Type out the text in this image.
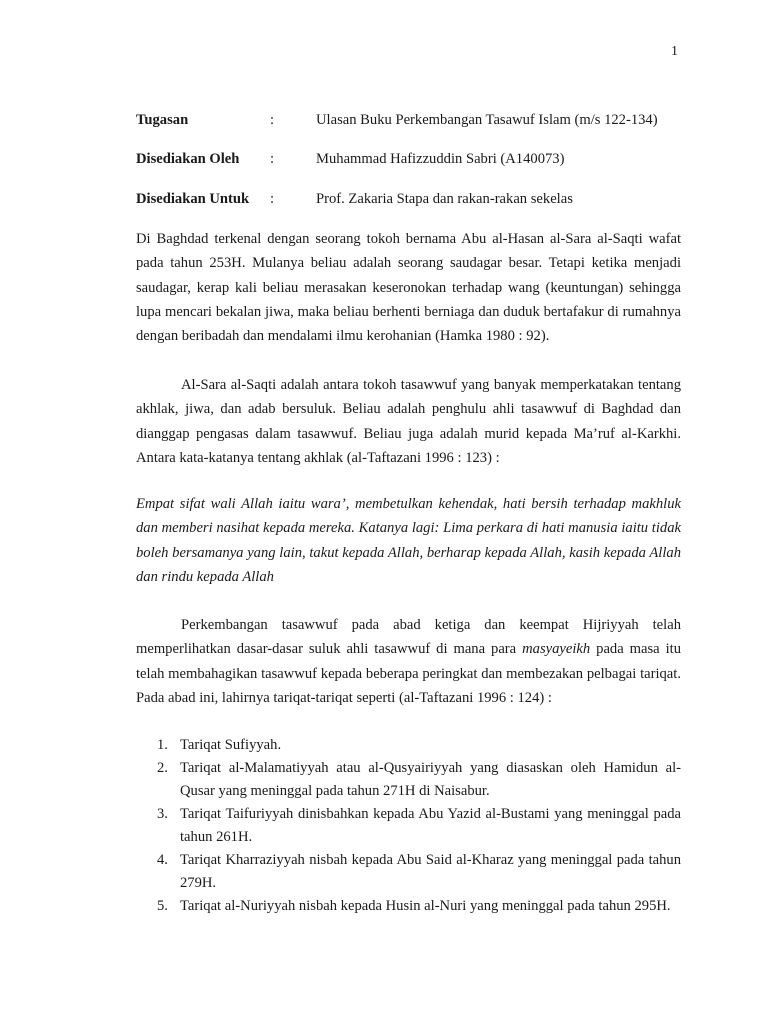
1
Tugasan	:	Ulasan Buku Perkembangan Tasawuf Islam (m/s 122-134)
Disediakan Oleh :	Muhammad Hafizzuddin Sabri (A140073)
Disediakan Untuk :	Prof. Zakaria Stapa dan rakan-rakan sekelas

Di Baghdad terkenal dengan seorang tokoh bernama Abu al-Hasan al-Sara al-Saqti wafat pada tahun 253H. Mulanya beliau adalah seorang saudagar besar. Tetapi ketika menjadi saudagar, kerap kali beliau merasakan keseronokan terhadap wang (keuntungan) sehingga lupa mencari bekalan jiwa, maka beliau berhenti berniaga dan duduk bertafakur di rumahnya dengan beribadah dan mendalami ilmu kerohanian (Hamka 1980 : 92).

Al-Sara al-Saqti adalah antara tokoh tasawwuf yang banyak memperkatakan tentang akhlak, jiwa, dan adab bersuluk. Beliau adalah penghulu ahli tasawwuf di Baghdad dan dianggap pengasas dalam tasawwuf. Beliau juga adalah murid kepada Ma’ruf al-Karkhi. Antara kata-katanya tentang akhlak (al-Taftazani 1996 : 123) :

Empat sifat wali Allah iaitu wara’, membetulkan kehendak, hati bersih terhadap makhluk dan memberi nasihat kepada mereka. Katanya lagi: Lima perkara di hati manusia iaitu tidak boleh bersamanya yang lain, takut kepada Allah, berharap kepada Allah, kasih kepada Allah dan rindu kepada Allah

Perkembangan tasawwuf pada abad ketiga dan keempat Hijriyyah telah memperlihatkan dasar-dasar suluk ahli tasawwuf di mana para masyayeikh pada masa itu telah membahagikan tasawwuf kepada beberapa peringkat dan membezakan pelbagai tariqat. Pada abad ini, lahirnya tariqat-tariqat seperti (al-Taftazani 1996 : 124) :

1. Tariqat Sufiyyah.
2. Tariqat al-Malamatiyyah atau al-Qusyairiyyah yang diasaskan oleh Hamidun al-Qusar yang meninggal pada tahun 271H di Naisabur.
3. Tariqat Taifuriyyah dinisbahkan kepada Abu Yazid al-Bustami yang meninggal pada tahun 261H.
4. Tariqat Kharraziyyah nisbah kepada Abu Said al-Kharaz yang meninggal pada tahun 279H.
5. Tariqat al-Nuriyyah nisbah kepada Husin al-Nuri yang meninggal pada tahun 295H.
